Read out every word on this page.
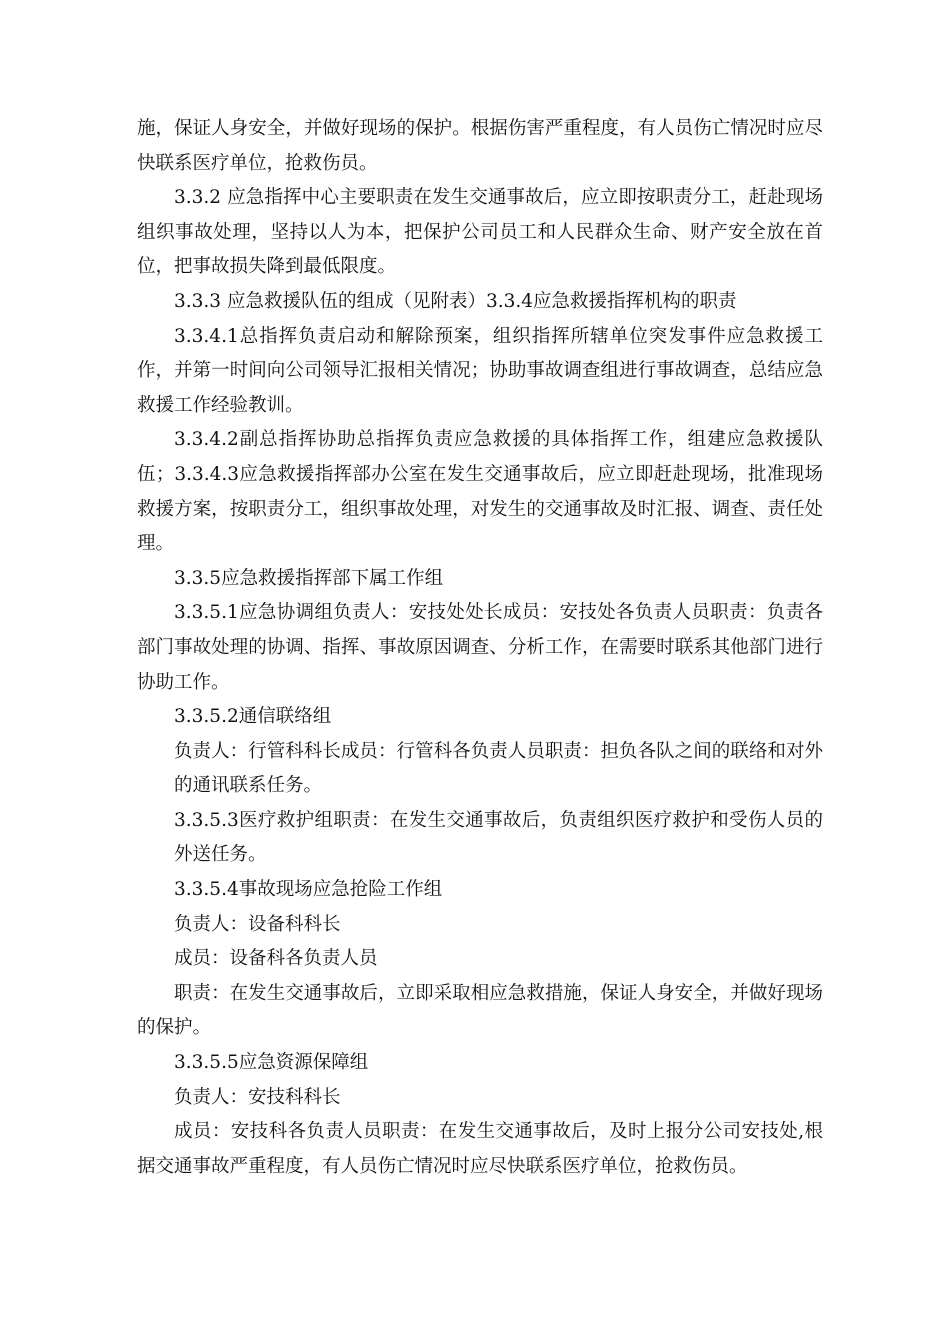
施，保证人身安全，并做好现场的保护。根据伤害严重程度，有人员伤亡情况时应尽快联系医疗单位，抢救伤员。

3.3.2 应急指挥中心主要职责在发生交通事故后，应立即按职责分工，赶赴现场组织事故处理，坚持以人为本，把保护公司员工和人民群众生命、财产安全放在首位，把事故损失降到最低限度。

3.3.3 应急救援队伍的组成（见附表）3.3.4应急救援指挥机构的职责

3.3.4.1总指挥负责启动和解除预案，组织指挥所辖单位突发事件应急救援工作，并第一时间向公司领导汇报相关情况；协助事故调查组进行事故调查，总结应急救援工作经验教训。

3.3.4.2副总指挥协助总指挥负责应急救援的具体指挥工作，组建应急救援队伍；3.3.4.3应急救援指挥部办公室在发生交通事故后，应立即赶赴现场，批准现场救援方案，按职责分工，组织事故处理，对发生的交通事故及时汇报、调查、责任处理。

3.3.5应急救援指挥部下属工作组

3.3.5.1应急协调组负责人：安技处处长成员：安技处各负责人员职责：负责各部门事故处理的协调、指挥、事故原因调查、分析工作，在需要时联系其他部门进行协助工作。

3.3.5.2通信联络组

负责人：行管科科长成员：行管科各负责人员职责：担负各队之间的联络和对外的通讯联系任务。

3.3.5.3医疗救护组职责：在发生交通事故后，负责组织医疗救护和受伤人员的外送任务。

3.3.5.4事故现场应急抢险工作组

负责人：设备科科长

成员：设备科各负责人员

职责：在发生交通事故后，立即采取相应急救措施，保证人身安全，并做好现场的保护。

3.3.5.5应急资源保障组

负责人：安技科科长

成员：安技科各负责人员职责：在发生交通事故后，及时上报分公司安技处,根据交通事故严重程度，有人员伤亡情况时应尽快联系医疗单位，抢救伤员。
